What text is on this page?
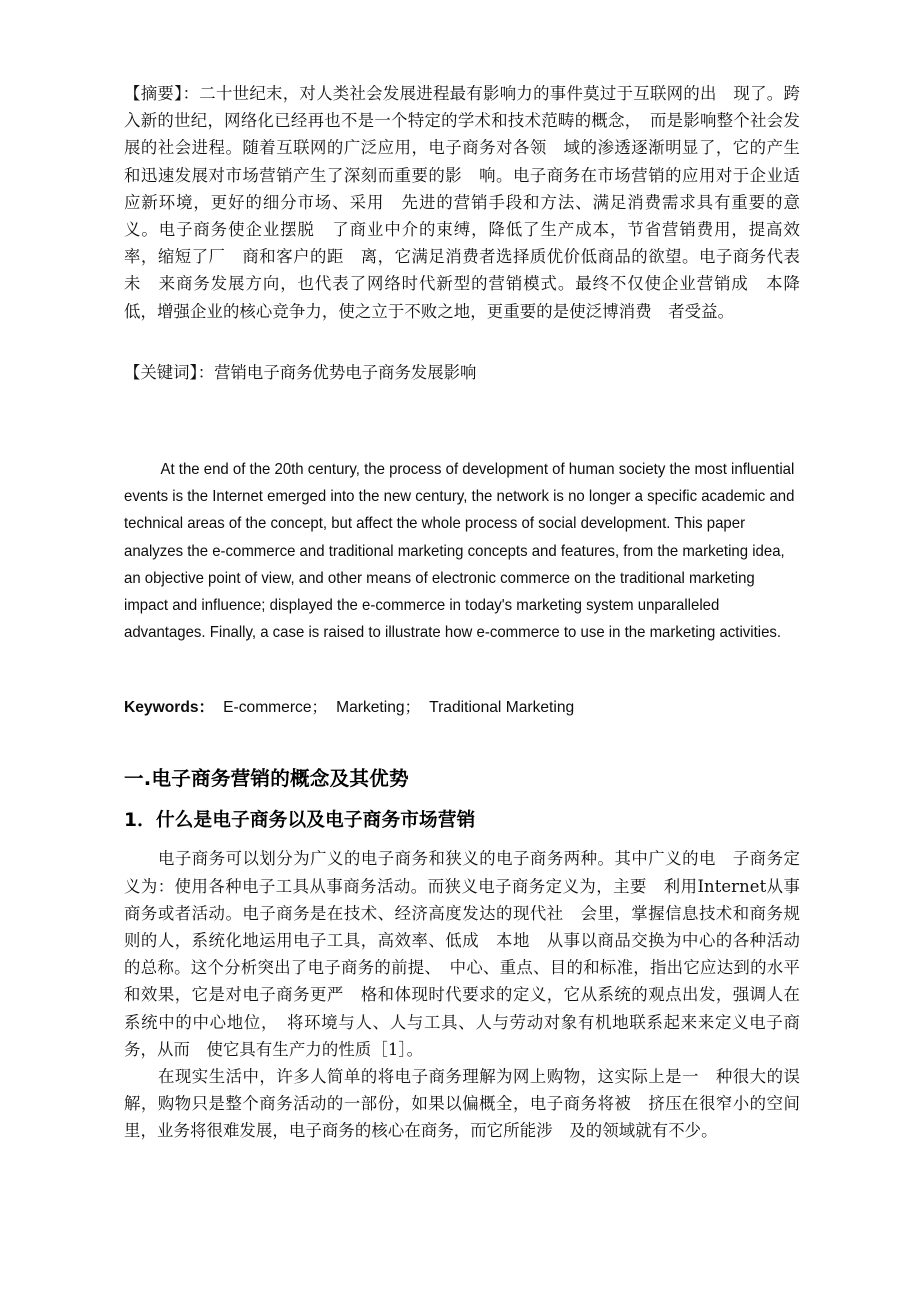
【摘要】：二十世纪末，对人类社会发展进程最有影响力的事件莫过于互联网的出　现了。跨入新的世纪，网络化已经再也不是一个特定的学术和技术范畴的概念，　而是影响整个社会发展的社会进程。随着互联网的广泛应用，电子商务对各领　域的渗透逐渐明显了，它的产生和迅速发展对市场营销产生了深刻而重要的影　响。电子商务在市场营销的应用对于企业适应新环境，更好的细分市场、采用　先进的营销手段和方法、满足消费需求具有重要的意义。电子商务使企业摆脱　了商业中介的束缚，降低了生产成本，节省营销费用，提高效率，缩短了厂　商和客户的距　离，它满足消费者选择质优价低商品的欲望。电子商务代表未　来商务发展方向，也代表了网络时代新型的营销模式。最终不仅使企业营销成　本降低，增强企业的核心竞争力，使之立于不败之地，更重要的是使泛博消费　者受益。

【关键词】：营销电子商务优势电子商务发展影响

At the end of the 20th century, the process of development of human society the most influential events is the Internet emerged into the new century, the network is no longer a specific academic and technical areas of the concept, but affect the whole process of social development. This paper analyzes the e-commerce and traditional marketing concepts and features, from the marketing idea, an objective point of view, and other means of electronic commerce on the traditional marketing impact and influence; displayed the e-commerce in today's marketing system unparalleled advantages. Finally, a case is raised to illustrate how e-commerce to use in the marketing activities.

Keywords： E-commerce； Marketing； Traditional Marketing

一.电子商务营销的概念及其优势
1．什么是电子商务以及电子商务市场营销

电子商务可以划分为广义的电子商务和狭义的电子商务两种。其中广义的电　子商务定义为：使用各种电子工具从事商务活动。而狭义电子商务定义为，主要　利用Internet从事商务或者活动。电子商务是在技术、经济高度发达的现代社　会里，掌握信息技术和商务规则的人，系统化地运用电子工具，高效率、低成　本地　从事以商品交换为中心的各种活动的总称。这个分析突出了电子商务的前提、　中心、重点、目的和标准，指出它应达到的水平和效果，它是对电子商务更严　格和体现时代要求的定义，它从系统的观点出发，强调人在系统中的中心地位，　将环境与人、人与工具、人与劳动对象有机地联系起来来定义电子商务，从而　使它具有生产力的性质［1］。

在现实生活中，许多人简单的将电子商务理解为网上购物，这实际上是一　种很大的误解，购物只是整个商务活动的一部份，如果以偏概全，电子商务将被　挤压在很窄小的空间里，业务将很难发展，电子商务的核心在商务，而它所能涉　及的领域就有不少。
